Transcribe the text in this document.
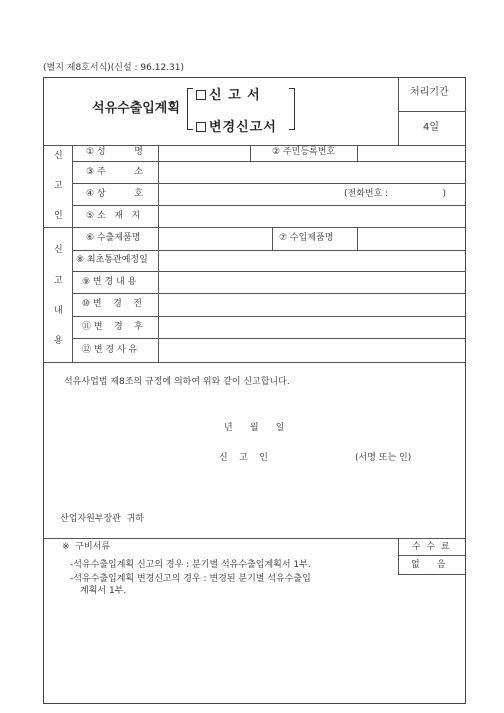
(별지 제8호서식)(신설 : 96.12.31)
석유수출입계획
신 고 서
변경신고서
처리기간
4일
신
고
인
① 성          명	② 주민등록번호
③ 주          소
④ 상          호	(전화번호 :                   )
⑤ 소   재   지
신
고
내
용
⑥ 수출제품명	⑦ 수입제품명
⑧ 최초통관예정일
⑨ 변 경 내 용
⑩ 변    경    전
⑪ 변    경    후
⑫ 변 경 사 유
석유사업법 제8조의 규정에 의하여 위와 같이 신고합니다.
년      월      일
신    고    인	(서명 또는 인)
산업자원부장관  귀하
※  구비서류
-석유수출입계획 신고의 경우 : 분기별 석유수출입계획서 1부.
-석유수출입계획 변경신고의 경우 : 변경된 분기별 석유수출입
계획서 1부.
수  수  료
없      음
